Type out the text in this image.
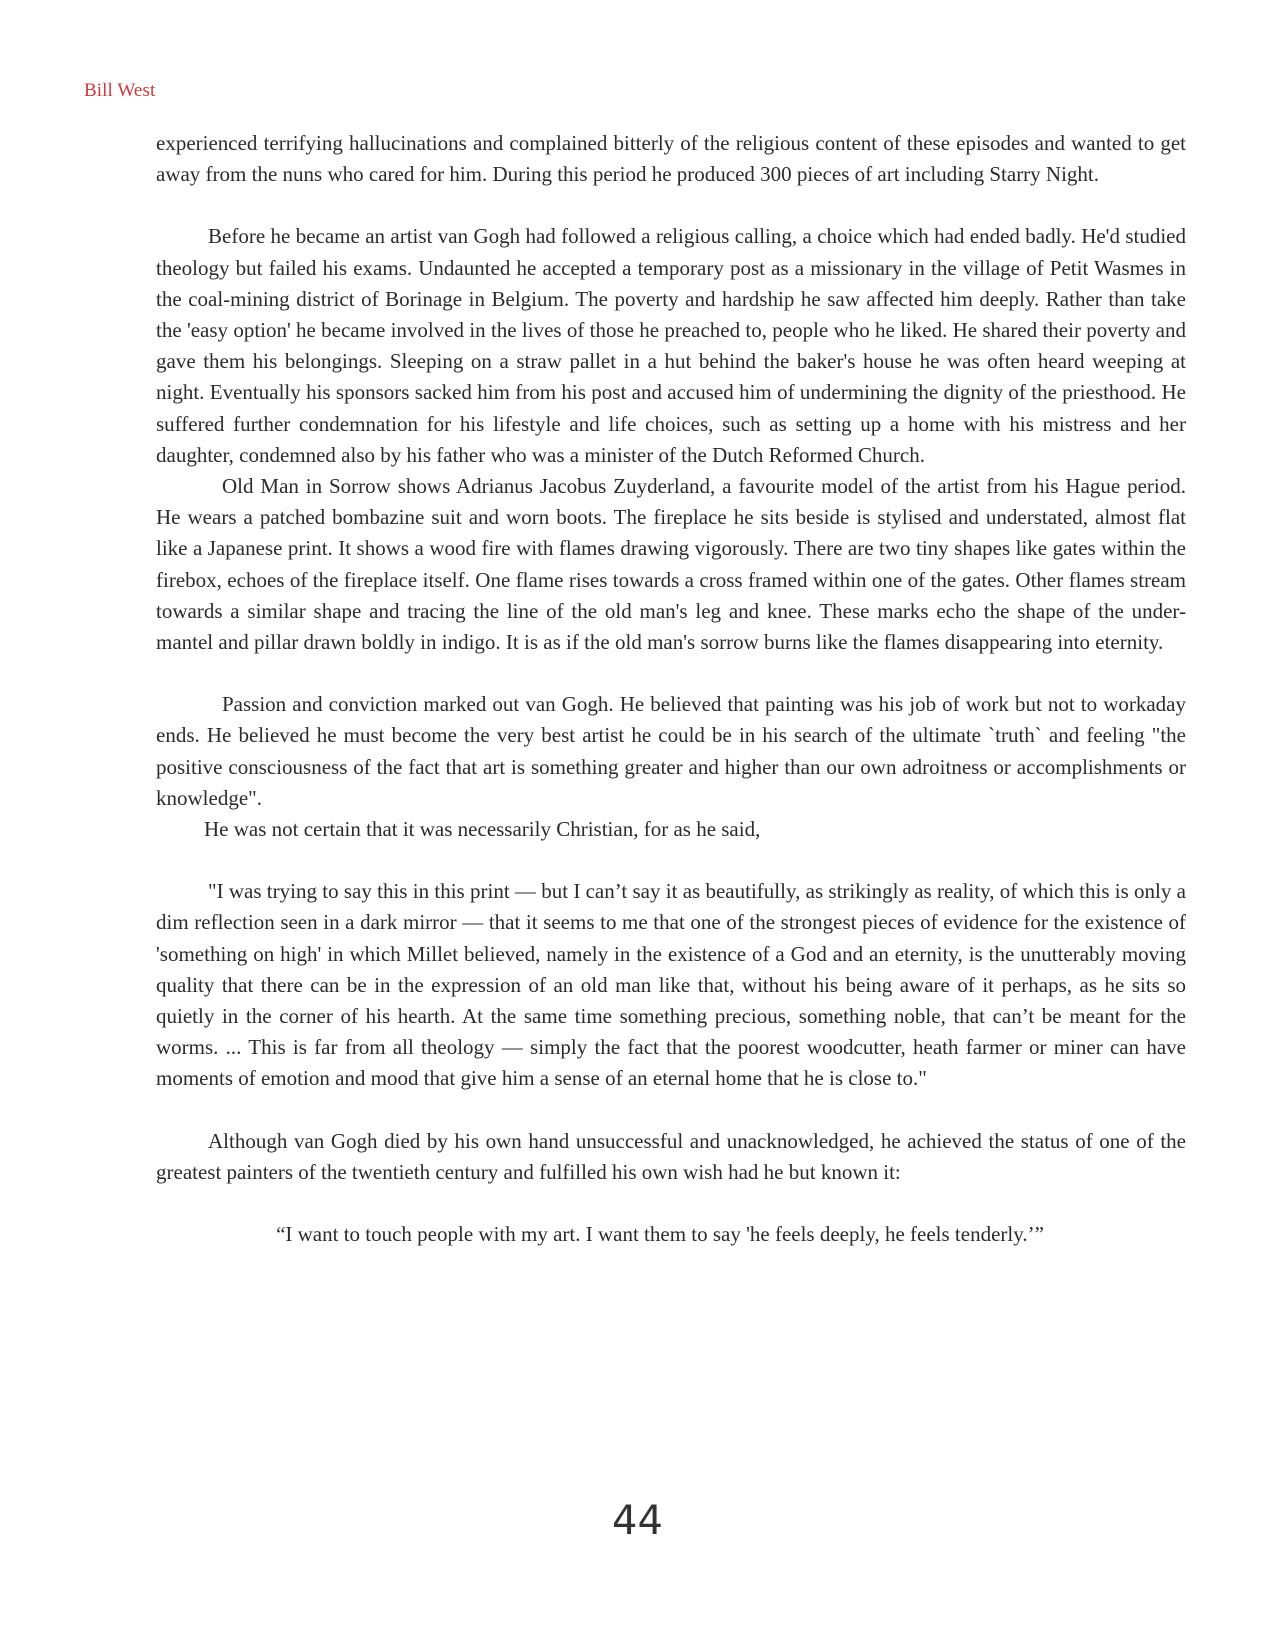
Bill West

experienced terrifying hallucinations and complained bitterly of the religious content of these episodes and wanted to get away from the nuns who cared for him. During this period he produced 300 pieces of art including Starry Night.

Before he became an artist van Gogh had followed a religious calling, a choice which had ended badly. He'd studied theology but failed his exams. Undaunted he accepted a temporary post as a missionary in the village of Petit Wasmes in the coal-mining district of Borinage in Belgium. The poverty and hardship he saw affected him deeply. Rather than take the 'easy option' he became involved in the lives of those he preached to, people who he liked. He shared their poverty and gave them his belongings. Sleeping on a straw pallet in a hut behind the baker's house he was often heard weeping at night. Eventually his sponsors sacked him from his post and accused him of undermining the dignity of the priesthood. He suffered further condemnation for his lifestyle and life choices, such as setting up a home with his mistress and her daughter, condemned also by his father who was a minister of the Dutch Reformed Church.

Old Man in Sorrow shows Adrianus Jacobus Zuyderland, a favourite model of the artist from his Hague period. He wears a patched bombazine suit and worn boots. The fireplace he sits beside is stylised and understated, almost flat like a Japanese print. It shows a wood fire with flames drawing vigorously. There are two tiny shapes like gates within the firebox, echoes of the fireplace itself. One flame rises towards a cross framed within one of the gates. Other flames stream towards a similar shape and tracing the line of the old man's leg and knee. These marks echo the shape of the under-mantel and pillar drawn boldly in indigo. It is as if the old man's sorrow burns like the flames disappearing into eternity.

Passion and conviction marked out van Gogh. He believed that painting was his job of work but not to workaday ends. He believed he must become the very best artist he could be in his search of the ultimate `truth` and feeling "the positive consciousness of the fact that art is something greater and higher than our own adroitness or accomplishments or knowledge".

He was not certain that it was necessarily Christian, for as he said,

"I was trying to say this in this print — but I can’t say it as beautifully, as strikingly as reality, of which this is only a dim reflection seen in a dark mirror — that it seems to me that one of the strongest pieces of evidence for the existence of 'something on high' in which Millet believed, namely in the existence of a God and an eternity, is the unutterably moving quality that there can be in the expression of an old man like that, without his being aware of it perhaps, as he sits so quietly in the corner of his hearth. At the same time something precious, something noble, that can’t be meant for the worms. ... This is far from all theology — simply the fact that the poorest woodcutter, heath farmer or miner can have moments of emotion and mood that give him a sense of an eternal home that he is close to."

Although van Gogh died by his own hand unsuccessful and unacknowledged, he achieved the status of one of the greatest painters of the twentieth century and fulfilled his own wish had he but known it:

“I want to touch people with my art. I want them to say 'he feels deeply, he feels tenderly.’”

44
